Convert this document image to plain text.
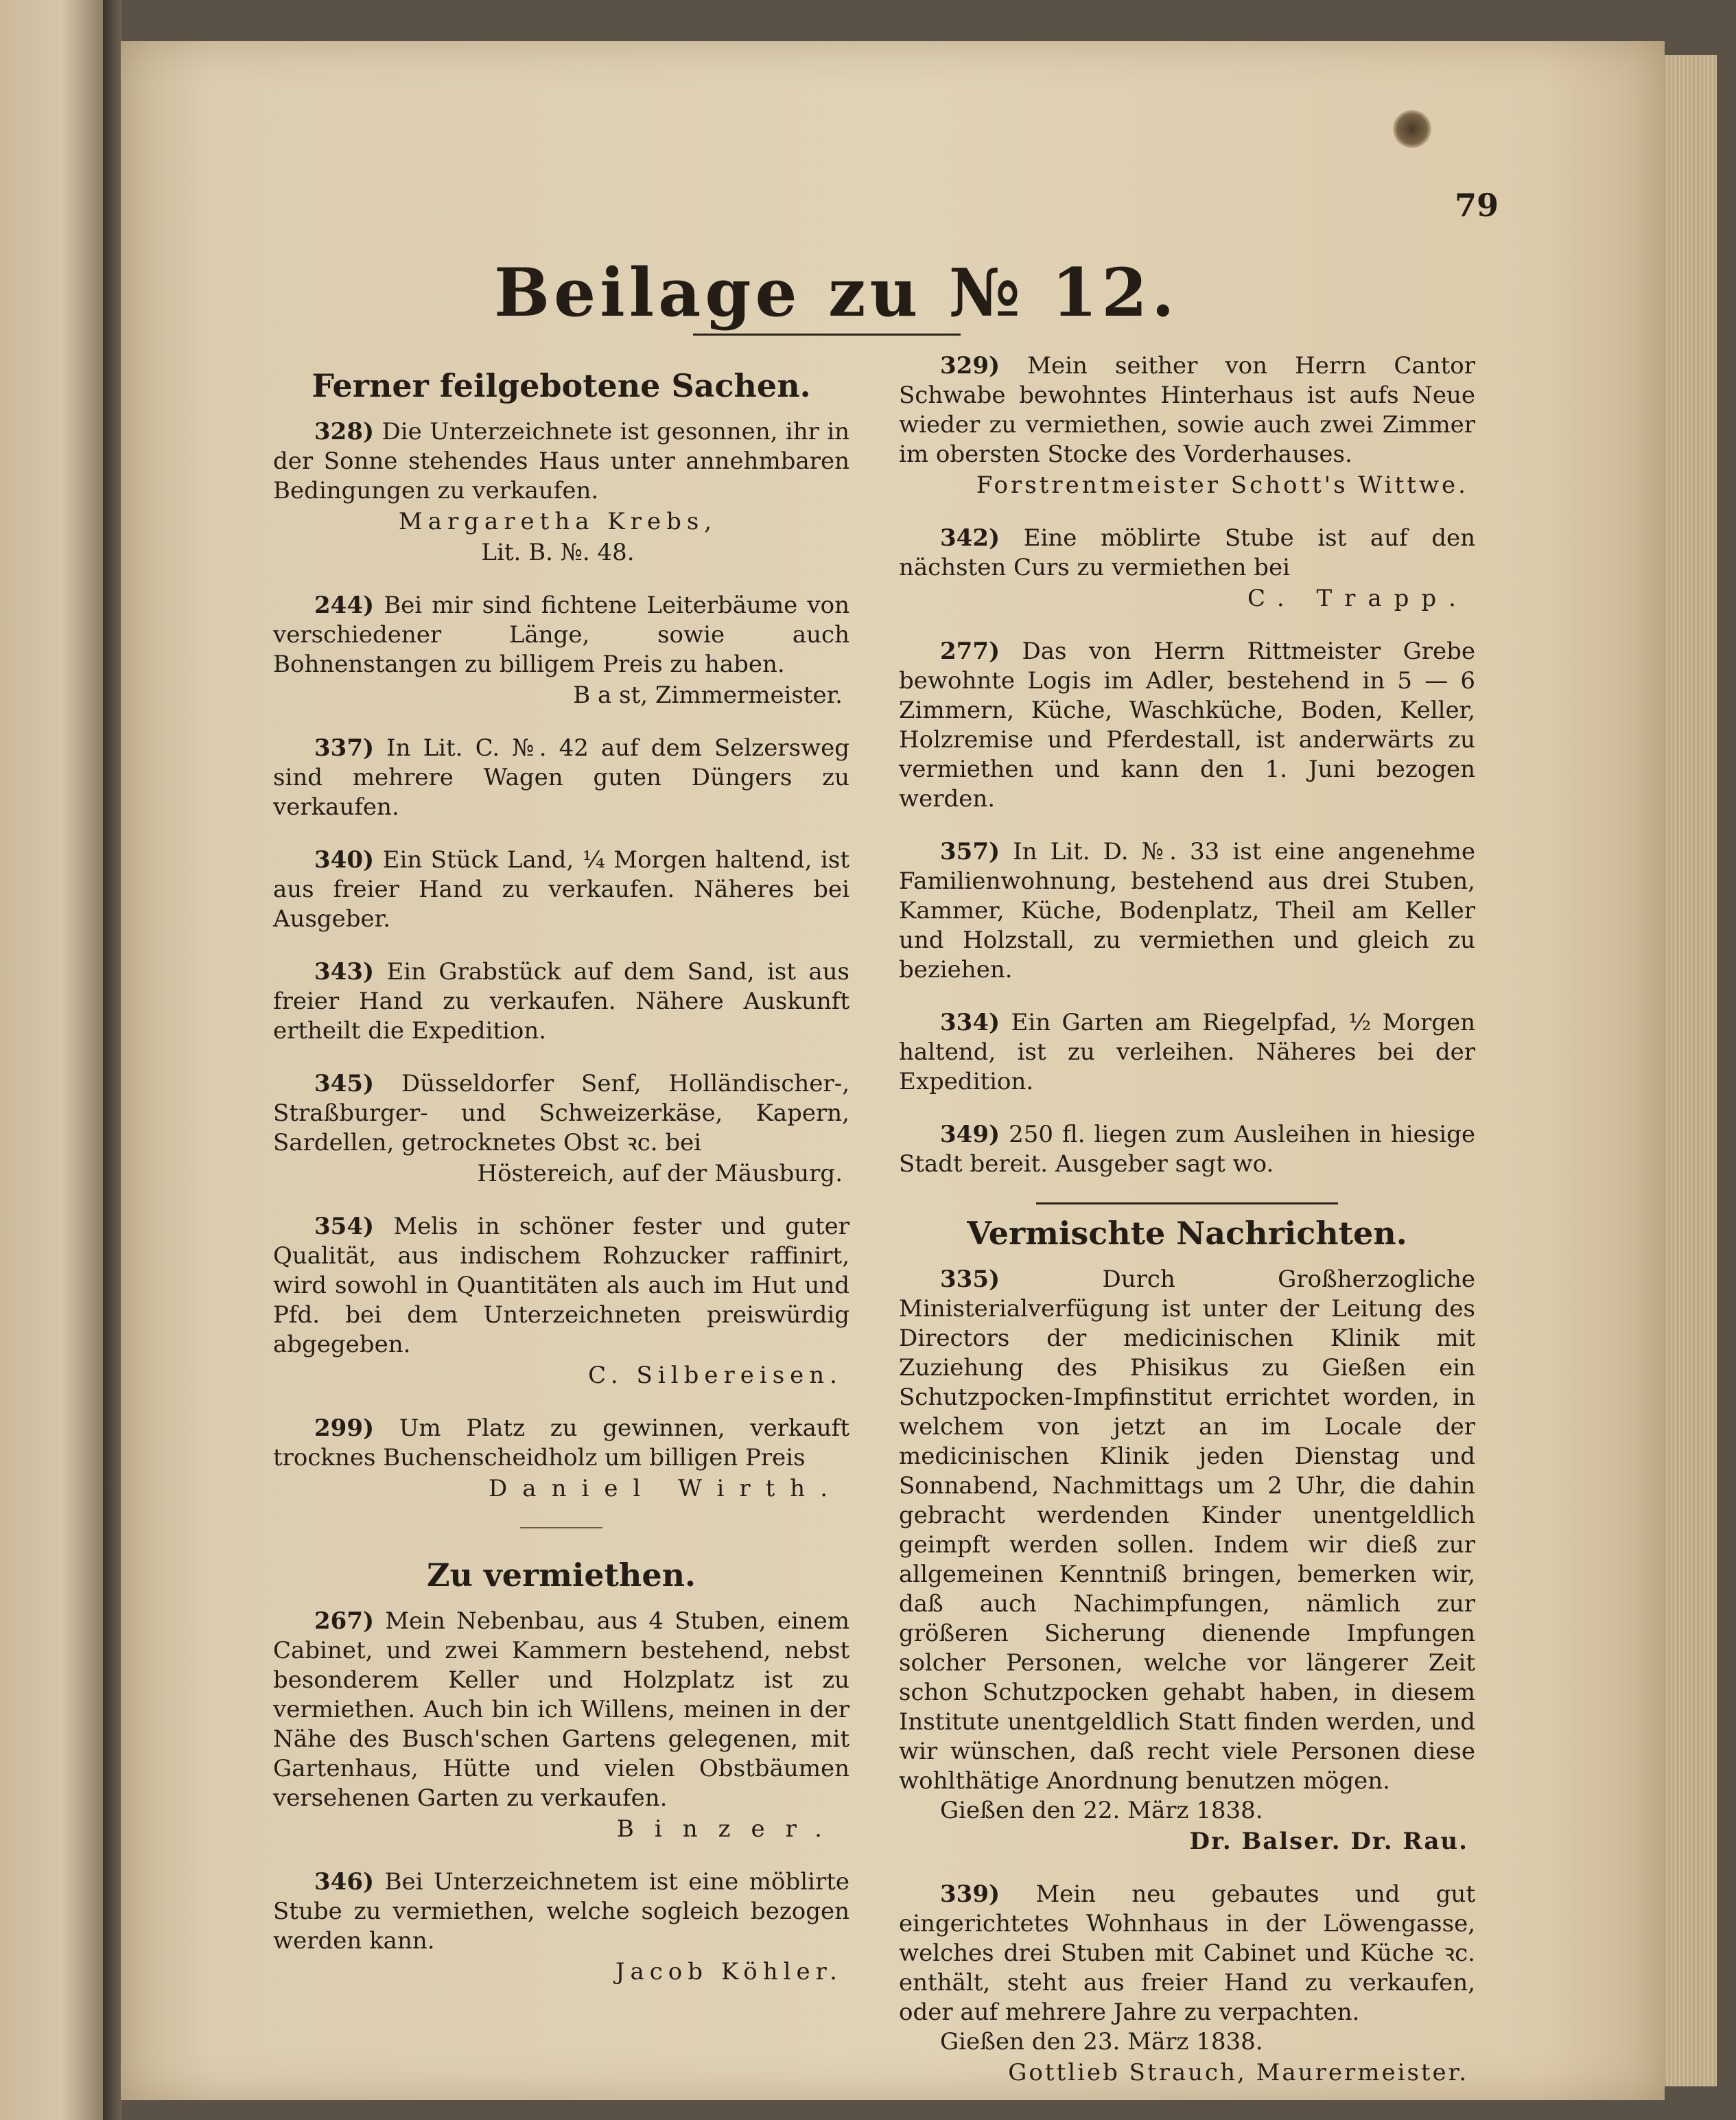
79
Beilage zu № 12.
Ferner feilgebotene Sachen.

328) Die Unterzeichnete ist gesonnen, ihr in der Sonne stehendes Haus unter annehmbaren Bedingungen zu verkaufen.

Margaretha Krebs,
Lit. B. №. 48.

244) Bei mir sind fichtene Leiterbäume von verschiedener Länge, sowie auch Bohnenstangen zu billigem Preis zu haben.

B a st, Zimmermeister.

337) In Lit. C. №. 42 auf dem Selzersweg sind mehrere Wagen guten Düngers zu verkaufen.

340) Ein Stück Land, ¼ Morgen haltend, ist aus freier Hand zu verkaufen. Näheres bei Ausgeber.

343) Ein Grabstück auf dem Sand, ist aus freier Hand zu verkaufen. Nähere Auskunft ertheilt die Expedition.

345) Düsseldorfer Senf, Holländischer-, Straßburger- und Schweizerkäse, Kapern, Sardellen, getrocknetes Obst ꝛc. bei

Höstereich, auf der Mäusburg.

354) Melis in schöner fester und guter Qualität, aus indischem Rohzucker raffinirt, wird sowohl in Quantitäten als auch im Hut und Pfd. bei dem Unterzeichneten preiswürdig abgegeben.

C. Silbereisen.

299) Um Platz zu gewinnen, verkauft trocknes Buchenscheidholz um billigen Preis

Daniel Wirth.
Zu vermiethen.

267) Mein Nebenbau, aus 4 Stuben, einem Cabinet, und zwei Kammern bestehend, nebst besonderem Keller und Holzplatz ist zu vermiethen. Auch bin ich Willens, meinen in der Nähe des Busch'schen Gartens gelegenen, mit Gartenhaus, Hütte und vielen Obstbäumen versehenen Garten zu verkaufen.

Binzer.

346) Bei Unterzeichnetem ist eine möblirte Stube zu vermiethen, welche sogleich bezogen werden kann.

Jacob Köhler.

329) Mein seither von Herrn Cantor Schwabe bewohntes Hinterhaus ist aufs Neue wieder zu vermiethen, sowie auch zwei Zimmer im obersten Stocke des Vorderhauses.

Forstrentmeister Schott's Wittwe.

342) Eine möblirte Stube ist auf den nächsten Curs zu vermiethen bei

C. Trapp.

277) Das von Herrn Rittmeister Grebe bewohnte Logis im Adler, bestehend in 5 — 6 Zimmern, Küche, Waschküche, Boden, Keller, Holzremise und Pferdestall, ist anderwärts zu vermiethen und kann den 1. Juni bezogen werden.

357) In Lit. D. №. 33 ist eine angenehme Familienwohnung, bestehend aus drei Stuben, Kammer, Küche, Bodenplatz, Theil am Keller und Holzstall, zu vermiethen und gleich zu beziehen.

334) Ein Garten am Riegelpfad, ½ Morgen haltend, ist zu verleihen. Näheres bei der Expedition.

349) 250 fl. liegen zum Ausleihen in hiesige Stadt bereit. Ausgeber sagt wo.

Vermischte Nachrichten.

335)	Durch Großherzogliche Ministerialverfügung ist unter der Leitung des Directors der medicinischen Klinik mit Zuziehung des Phisikus zu Gießen ein Schutzpocken-Impfinstitut errichtet worden, in welchem von jetzt an im Locale der medicinischen Klinik jeden Dienstag und Sonnabend, Nachmittags um 2 Uhr, die dahin gebracht werdenden Kinder unentgeldlich geimpft werden sollen. Indem wir dieß zur allgemeinen Kenntniß bringen, bemerken wir, daß auch Nachimpfungen, nämlich zur größeren Sicherung dienende Impfungen solcher Personen, welche vor längerer Zeit schon Schutzpocken gehabt haben, in diesem Institute unentgeldlich Statt finden werden, und wir wünschen, daß recht viele Personen diese wohlthätige Anordnung benutzen mögen.

Gießen den 22. März 1838.

Dr. Balser. Dr. Rau.

339) Mein neu gebautes und gut eingerichtetes Wohnhaus in der Löwengasse, welches drei Stuben mit Cabinet und Küche ꝛc. enthält, steht aus freier Hand zu verkaufen, oder auf mehrere Jahre zu verpachten.

Gießen den 23. März 1838.

Gottlieb Strauch, Maurermeister.
